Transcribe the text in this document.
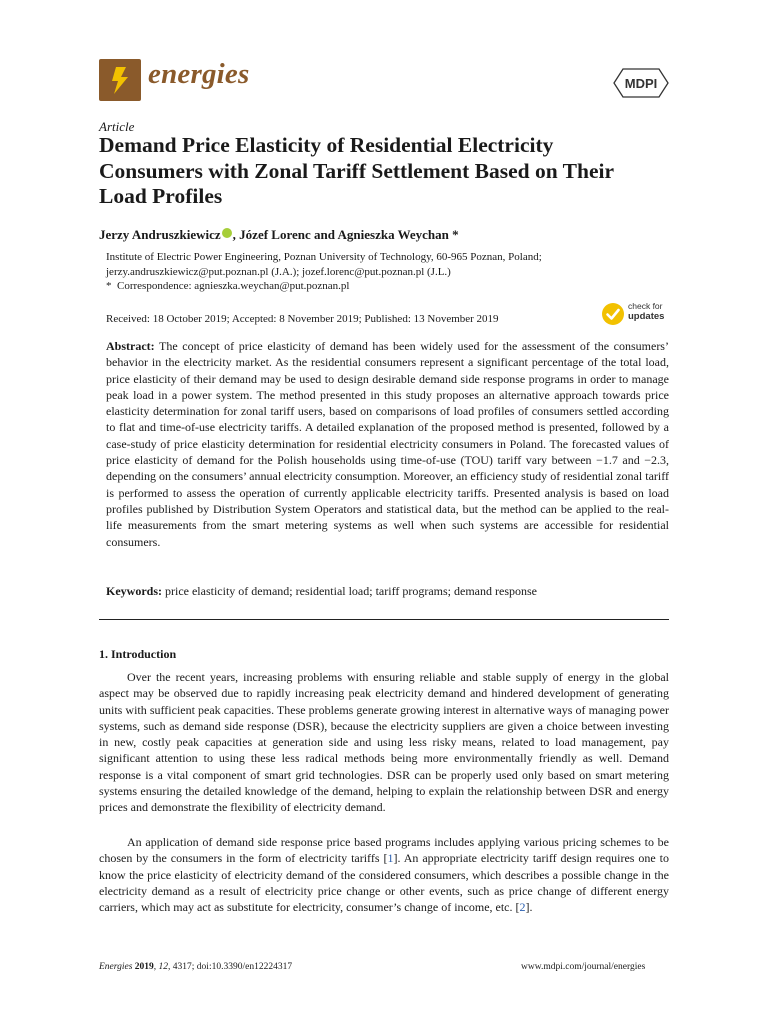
energies	MDPI
Article
Demand Price Elasticity of Residential Electricity Consumers with Zonal Tariff Settlement Based on Their Load Profiles
Jerzy Andruszkiewicz , Józef Lorenc and Agnieszka Weychan *
Institute of Electric Power Engineering, Poznan University of Technology, 60-965 Poznan, Poland;
jerzy.andruszkiewicz@put.poznan.pl (J.A.); jozef.lorenc@put.poznan.pl (J.L.)
* Correspondence: agnieszka.weychan@put.poznan.pl
Received: 18 October 2019; Accepted: 8 November 2019; Published: 13 November 2019
check for
updates

Abstract: The concept of price elasticity of demand has been widely used for the assessment of the consumers’ behavior in the electricity market. As the residential consumers represent a significant percentage of the total load, price elasticity of their demand may be used to design desirable demand side response programs in order to manage peak load in a power system. The method presented in this study proposes an alternative approach towards price elasticity determination for zonal tariff users, based on comparisons of load profiles of consumers settled according to flat and time-of-use electricity tariffs. A detailed explanation of the proposed method is presented, followed by a case-study of price elasticity determination for residential electricity consumers in Poland. The forecasted values of price elasticity of demand for the Polish households using time-of-use (TOU) tariff vary between −1.7 and −2.3, depending on the consumers’ annual electricity consumption. Moreover, an efficiency study of residential zonal tariff is performed to assess the operation of currently applicable electricity tariffs. Presented analysis is based on load profiles published by Distribution System Operators and statistical data, but the method can be applied to the real-life measurements from the smart metering systems as well when such systems are accessible for residential consumers.

Keywords: price elasticity of demand; residential load; tariff programs; demand response
1. Introduction

Over the recent years, increasing problems with ensuring reliable and stable supply of energy in the global aspect may be observed due to rapidly increasing peak electricity demand and hindered development of generating units with sufficient peak capacities. These problems generate growing interest in alternative ways of managing power systems, such as demand side response (DSR), because the electricity suppliers are given a choice between investing in new, costly peak capacities at generation side and using less risky means, related to load management, pay significant attention to using these less radical methods being more environmentally friendly as well. Demand response is a vital component of smart grid technologies. DSR can be properly used only based on smart metering systems ensuring the detailed knowledge of the demand, helping to explain the relationship between DSR and energy prices and demonstrate the flexibility of electricity demand.

An application of demand side response price based programs includes applying various pricing schemes to be chosen by the consumers in the form of electricity tariffs [1]. An appropriate electricity tariff design requires one to know the price elasticity of electricity demand of the considered consumers, which describes a possible change in the electricity demand as a result of electricity price change or other events, such as price change of different energy carriers, which may act as substitute for electricity, consumer’s change of income, etc. [2].

Energies 2019, 12, 4317; doi:10.3390/en12224317	www.mdpi.com/journal/energies
